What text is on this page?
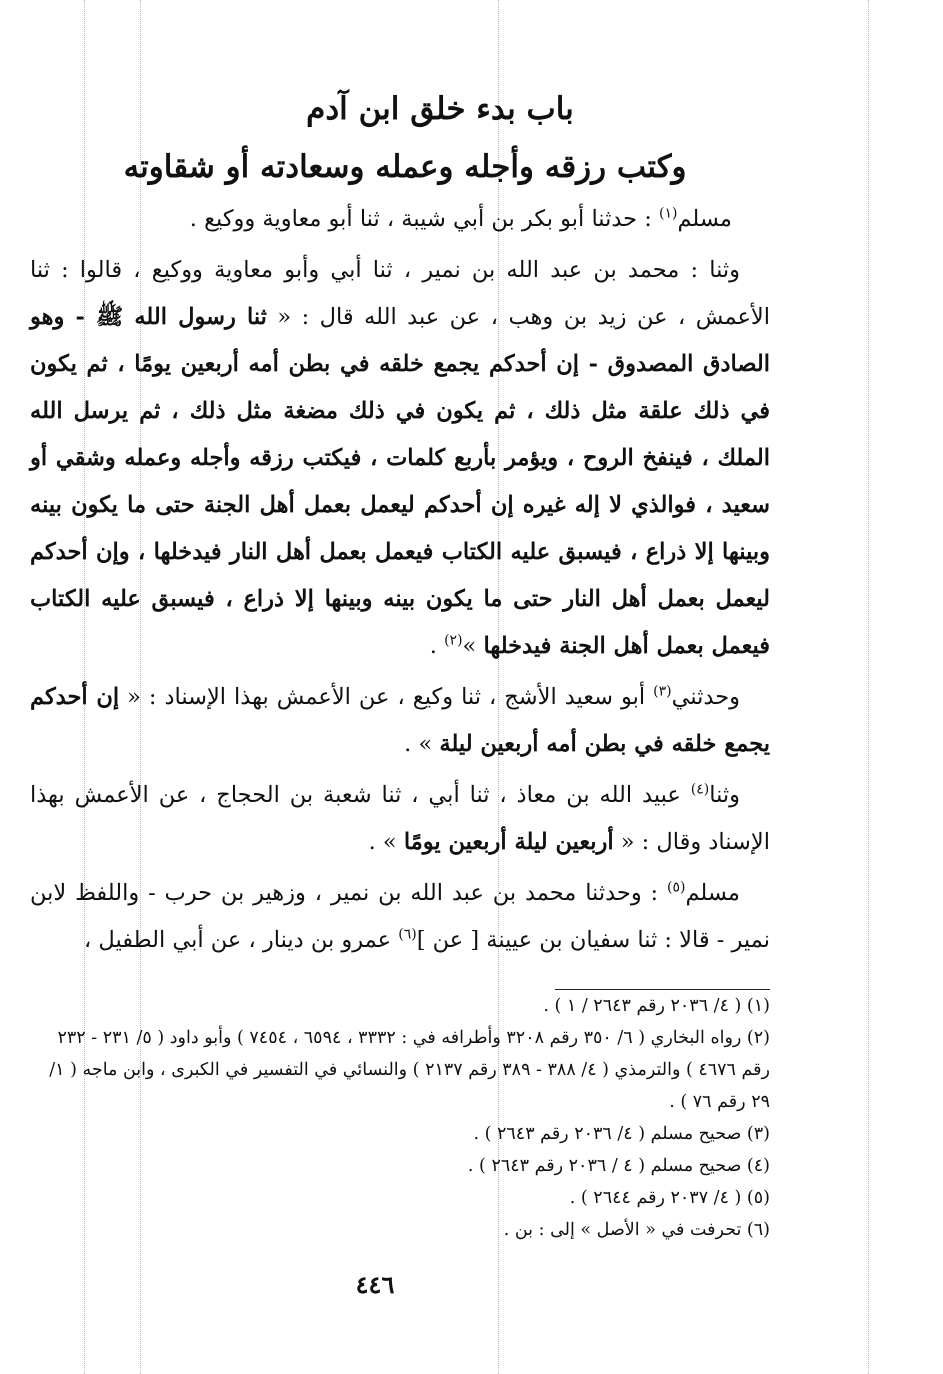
باب بدء خلق ابن آدم
وكتب رزقه وأجله وعمله وسعادته أو شقاوته

مسلم$^{(١)}$ : حدثنا أبو بكر بن أبي شيبة ، ثنا أبو معاوية ووكيع .

وثنا : محمد بن عبد الله بن نمير ، ثنا أبي وأبو معاوية ووكيع ، قالوا : ثنا الأعمش ، عن زيد بن وهب ، عن عبد الله قال : « ثنا رسول الله ﷺ - وهو الصادق المصدوق - إن أحدكم يجمع خلقه في بطن أمه أربعين يومًا ، ثم يكون في ذلك علقة مثل ذلك ، ثم يكون في ذلك مضغة مثل ذلك ، ثم يرسل الله الملك ، فينفخ الروح ، ويؤمر بأربع كلمات ، فيكتب رزقه وأجله وعمله وشقي أو سعيد ، فوالذي لا إله غيره إن أحدكم ليعمل بعمل أهل الجنة حتى ما يكون بينه وبينها إلا ذراع ، فيسبق عليه الكتاب فيعمل بعمل أهل النار فيدخلها ، وإن أحدكم ليعمل بعمل أهل النار حتى ما يكون بينه وبينها إلا ذراع ، فيسبق عليه الكتاب فيعمل بعمل أهل الجنة فيدخلها »$^{(٢)}$ .

وحدثني$^{(٣)}$ أبو سعيد الأشج ، ثنا وكيع ، عن الأعمش بهذا الإسناد : « إن أحدكم يجمع خلقه في بطن أمه أربعين ليلة » .

وثنا$^{(٤)}$ عبيد الله بن معاذ ، ثنا أبي ، ثنا شعبة بن الحجاج ، عن الأعمش بهذا الإسناد وقال : « أربعين ليلة أربعين يومًا » .

مسلم$^{(٥)}$ : وحدثنا محمد بن عبد الله بن نمير ، وزهير بن حرب - واللفظ لابن نمير - قالا : ثنا سفيان بن عيينة [ عن ]$^{(٦)}$ عمرو بن دينار ، عن أبي الطفيل ،

(١) ( ٤/ ٢٠٣٦ رقم ٢٦٤٣ / ١ ) .

(٢) رواه البخاري ( ٦/ ٣٥٠ رقم ٣٢٠٨ وأطرافه في : ٣٣٣٢ ، ٦٥٩٤ ، ٧٤٥٤ ) وأبو داود ( ٥/ ٢٣١ - ٢٣٢ رقم ٤٦٧٦ ) والترمذي ( ٤/ ٣٨٨ - ٣٨٩ رقم ٢١٣٧ ) والنسائي في التفسير في الكبرى ، وابن ماجه ( ١/ ٢٩ رقم ٧٦ ) .

(٣) صحيح مسلم ( ٤/ ٢٠٣٦ رقم ٢٦٤٣ ) .

(٤) صحيح مسلم ( ٤ / ٢٠٣٦ رقم ٢٦٤٣ ) .

(٥) ( ٤/ ٢٠٣٧ رقم ٢٦٤٤ ) .

(٦) تحرفت في « الأصل » إلى : بن .

٤٤٦
